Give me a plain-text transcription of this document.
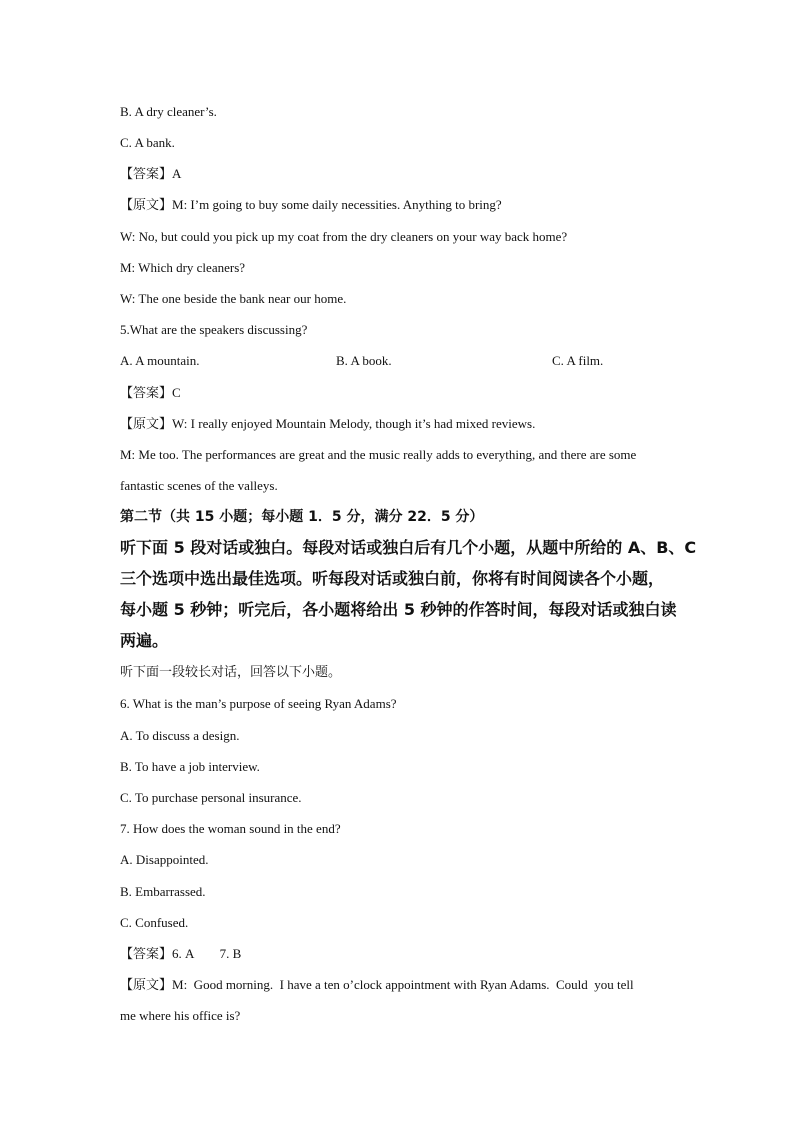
B. A dry cleaner’s.
C. A bank.
【答案】A
【原文】M: I’m going to buy some daily necessities. Anything to bring?
W: No, but could you pick up my coat from the dry cleaners on your way back home?
M: Which dry cleaners?
W: The one beside the bank near our home.
5.What are the speakers discussing?
A. A mountain.	B. A book.	C. A film.
【答案】C
【原文】W: I really enjoyed Mountain Melody, though it’s had mixed reviews.
M: Me too. The performances are great and the music really adds to everything, and there are some
fantastic scenes of the valleys.
第二节（共 15 小题；每小题 1．5 分，满分 22．5 分）
听下面 5 段对话或独白。每段对话或独白后有几个小题，从题中所给的 A、B、C
三个选项中选出最佳选项。听每段对话或独白前，你将有时间阅读各个小题，
每小题 5 秒钟；听完后，各小题将给出 5 秒钟的作答时间，每段对话或独白读
两遍。
听下面一段较长对话，回答以下小题。
6. What is the man’s purpose of seeing Ryan Adams?
A. To discuss a design.
B. To have a job interview.
C. To purchase personal insurance.
7. How does the woman sound in the end?
A. Disappointed.
B. Embarrassed.
C. Confused.
【答案】6. A        7. B
【原文】M:  Good morning.  I have a ten o’clock appointment with Ryan Adams.  Could  you tell
me where his office is?
